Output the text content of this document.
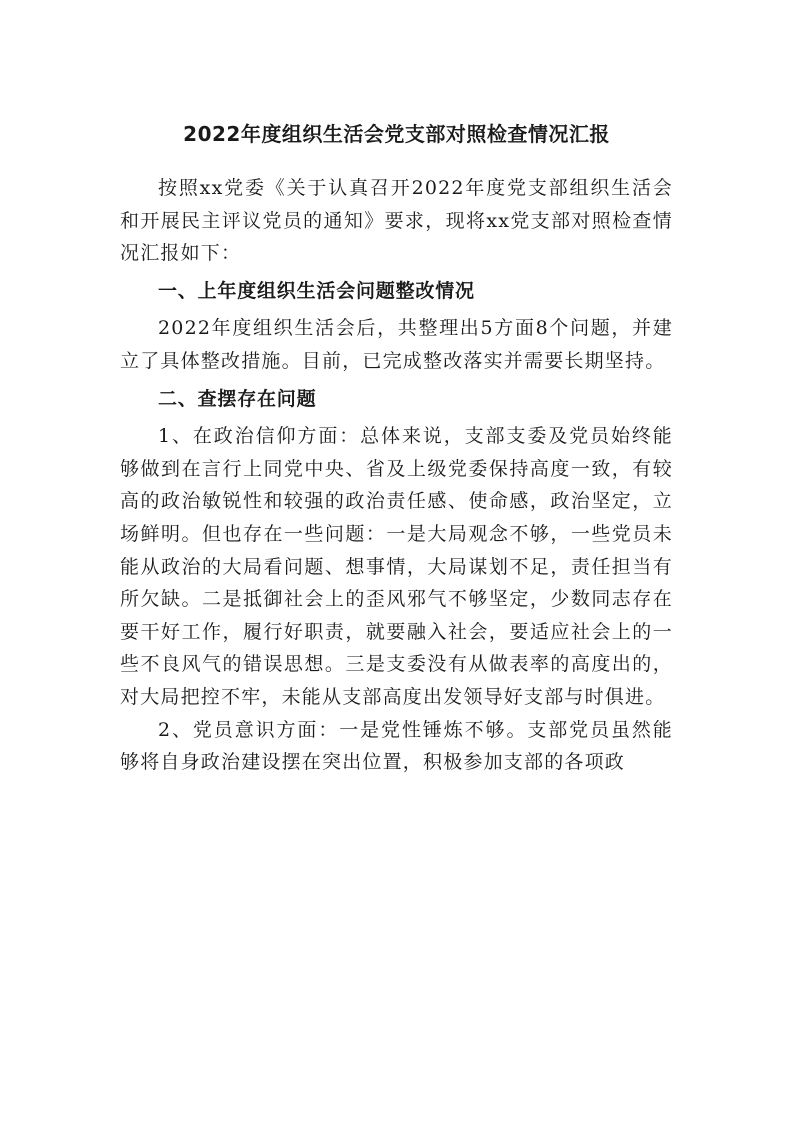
2022年度组织生活会党支部对照检查情况汇报

按照xx党委《关于认真召开2022年度党支部组织生活会和开展民主评议党员的通知》要求，现将xx党支部对照检查情况汇报如下：

一、上年度组织生活会问题整改情况

2022年度组织生活会后，共整理出5方面8个问题，并建立了具体整改措施。目前，已完成整改落实并需要长期坚持。

二、查摆存在问题

1、在政治信仰方面：总体来说，支部支委及党员始终能够做到在言行上同党中央、省及上级党委保持高度一致，有较高的政治敏锐性和较强的政治责任感、使命感，政治坚定，立场鲜明。但也存在一些问题：一是大局观念不够，一些党员未能从政治的大局看问题、想事情，大局谋划不足，责任担当有所欠缺。二是抵御社会上的歪风邪气不够坚定，少数同志存在要干好工作，履行好职责，就要融入社会，要适应社会上的一些不良风气的错误思想。三是支委没有从做表率的高度出的，对大局把控不牢，未能从支部高度出发领导好支部与时俱进。

2、党员意识方面：一是党性锤炼不够。支部党员虽然能够将自身政治建设摆在突出位置，积极参加支部的各项政
